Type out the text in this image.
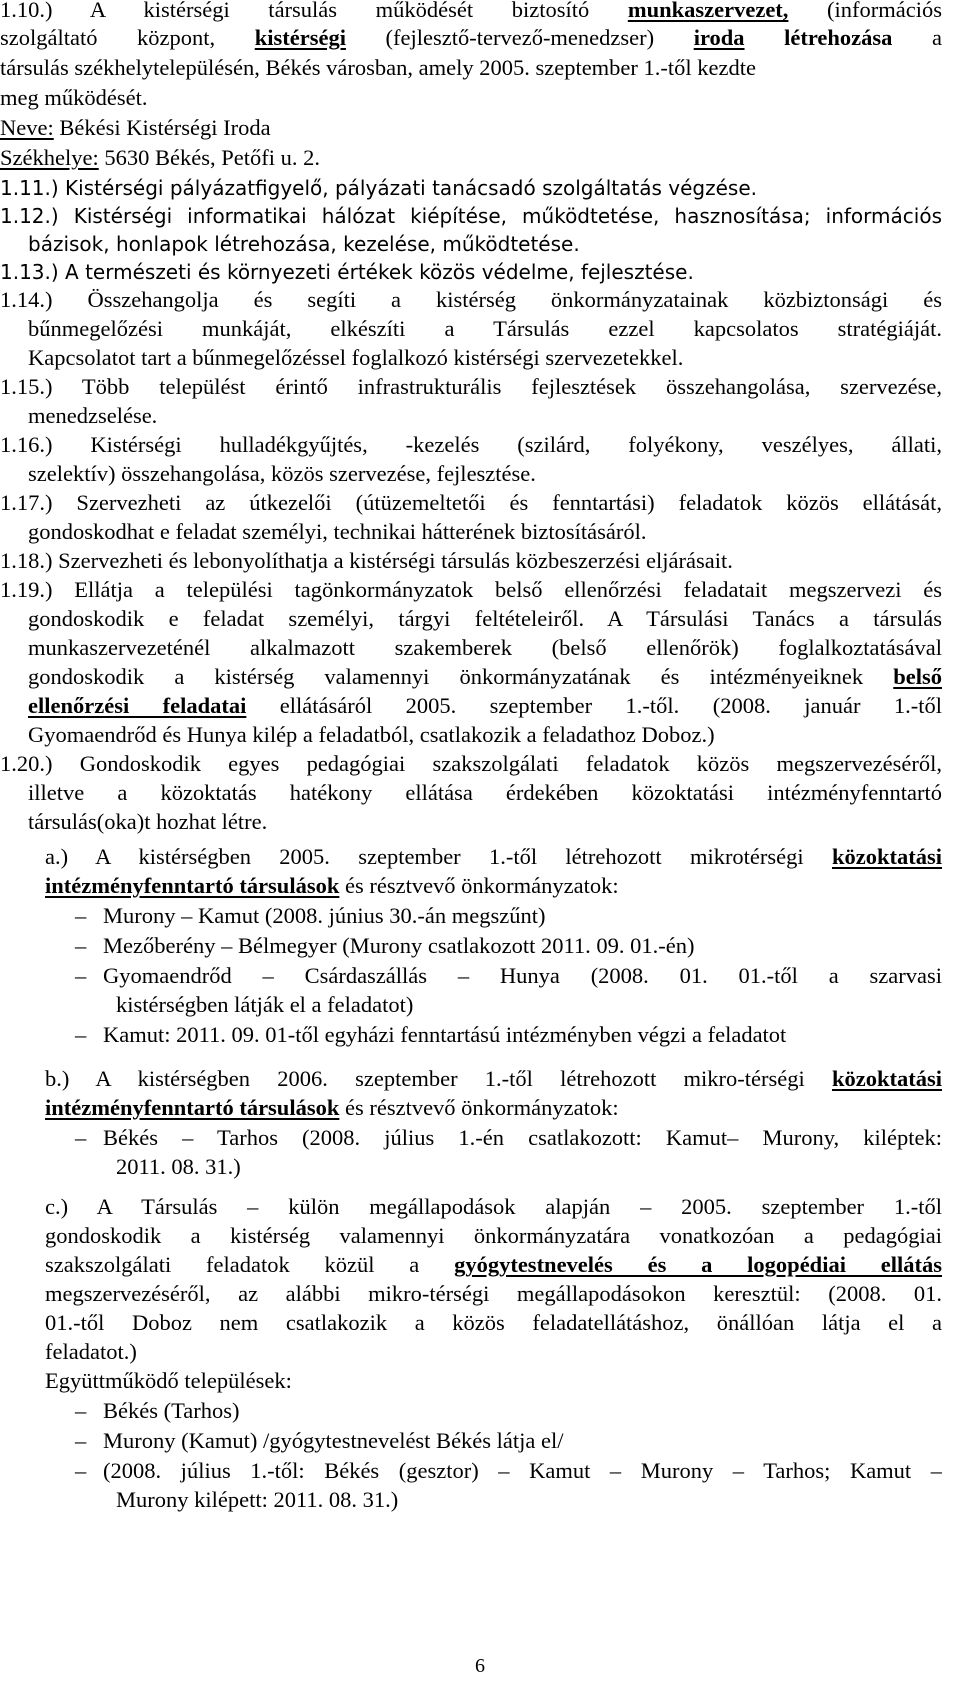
1.10.) A kistérségi társulás működését biztosító munkaszervezet, (információs
szolgáltató központ, kistérségi (fejlesztő-tervező-menedzser) iroda létrehozása a
társulás székhelytelepülésén, Békés városban, amely 2005. szeptember 1.-től kezdte
meg működését.
Neve: Békési Kistérségi Iroda
Székhelye: 5630 Békés, Petőfi u. 2.
1.11.) Kistérségi pályázatfigyelő, pályázati tanácsadó szolgáltatás végzése.
1.12.) Kistérségi informatikai hálózat kiépítése, működtetése, hasznosítása; információs
bázisok, honlapok létrehozása, kezelése, működtetése.
1.13.) A természeti és környezeti értékek közös védelme, fejlesztése.
1.14.) Összehangolja és segíti a kistérség önkormányzatainak közbiztonsági és
bűnmegelőzési munkáját, elkészíti a Társulás ezzel kapcsolatos stratégiáját.
Kapcsolatot tart a bűnmegelőzéssel foglalkozó kistérségi szervezetekkel.
1.15.) Több települést érintő infrastrukturális fejlesztések összehangolása, szervezése,
menedzselése.
1.16.) Kistérségi hulladékgyűjtés, -kezelés (szilárd, folyékony, veszélyes, állati,
szelektív) összehangolása, közös szervezése, fejlesztése.
1.17.) Szervezheti az útkezelői (útüzemeltetői és fenntartási) feladatok közös ellátását,
gondoskodhat e feladat személyi, technikai hátterének biztosításáról.
1.18.) Szervezheti és lebonyolíthatja a kistérségi társulás közbeszerzési eljárásait.
1.19.) Ellátja a települési tagönkormányzatok belső ellenőrzési feladatait megszervezi és
gondoskodik e feladat személyi, tárgyi feltételeiről. A Társulási Tanács a társulás
munkaszervezeténél alkalmazott szakemberek (belső ellenőrök) foglalkoztatásával
gondoskodik a kistérség valamennyi önkormányzatának és intézményeiknek belső
ellenőrzési feladatai ellátásáról 2005. szeptember 1.-től. (2008. január 1.-től
Gyomaendrőd és Hunya kilép a feladatból, csatlakozik a feladathoz Doboz.)
1.20.) Gondoskodik egyes pedagógiai szakszolgálati feladatok közös megszervezéséről,
illetve a közoktatás hatékony ellátása érdekében közoktatási intézményfenntartó
társulás(oka)t hozhat létre.
a.) A kistérségben 2005. szeptember 1.-től létrehozott mikrotérségi közoktatási
intézményfenntartó társulások és résztvevő önkormányzatok:
– Murony – Kamut (2008. június 30.-án megszűnt)
– Mezőberény – Bélmegyer (Murony csatlakozott 2011. 09. 01.-én)
– Gyomaendrőd – Csárdaszállás – Hunya (2008. 01. 01.-től a szarvasi
kistérségben látják el a feladatot)
– Kamut: 2011. 09. 01-től egyházi fenntartású intézményben végzi a feladatot
b.) A kistérségben 2006. szeptember 1.-től létrehozott mikro-térségi közoktatási
intézményfenntartó társulások és résztvevő önkormányzatok:
– Békés – Tarhos (2008. július 1.-én csatlakozott: Kamut– Murony, kiléptek:
2011. 08. 31.)
c.) A Társulás – külön megállapodások alapján – 2005. szeptember 1.-től
gondoskodik a kistérség valamennyi önkormányzatára vonatkozóan a pedagógiai
szakszolgálati feladatok közül a gyógytestnevelés és a logopédiai ellátás
megszervezéséről, az alábbi mikro-térségi megállapodásokon keresztül: (2008. 01.
01.-től Doboz nem csatlakozik a közös feladatellátáshoz, önállóan látja el a
feladatot.)
Együttműködő települések:
– Békés (Tarhos)
– Murony (Kamut) /gyógytestnevelést Békés látja el/
– (2008. július 1.-től: Békés (gesztor) – Kamut – Murony – Tarhos; Kamut –
Murony kilépett: 2011. 08. 31.)
6
